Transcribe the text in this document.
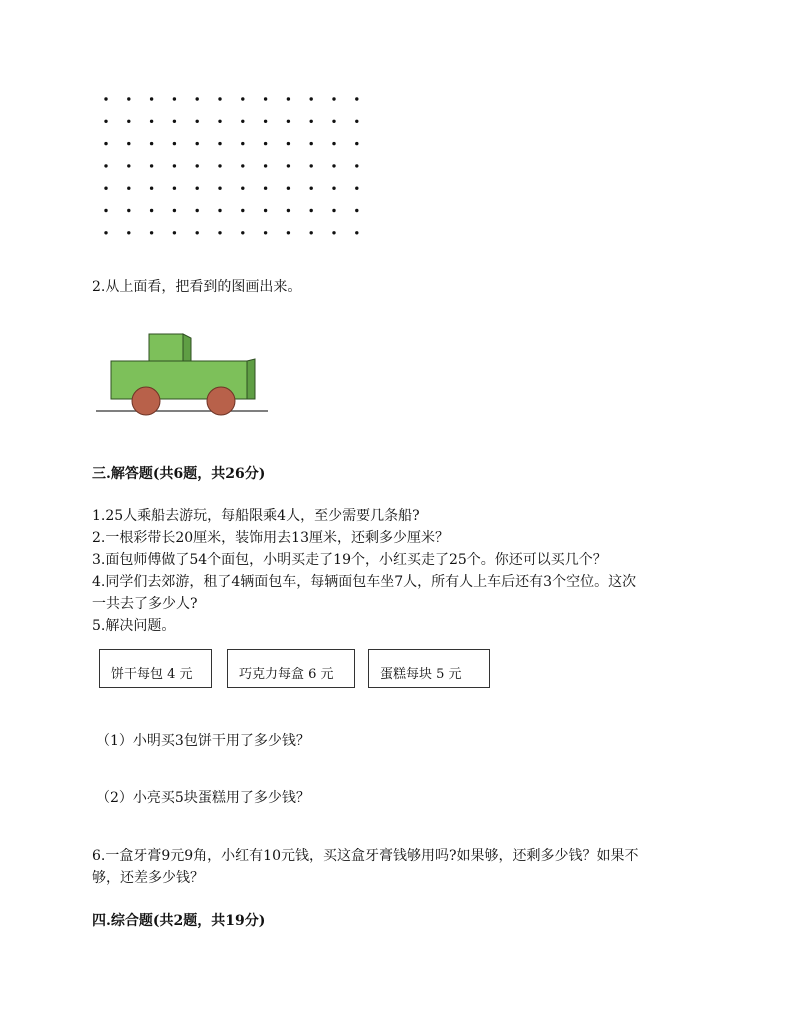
2.从上面看，把看到的图画出来。
三.解答题(共6题，共26分)
1.25人乘船去游玩，每船限乘4人，至少需要几条船?
2.一根彩带长20厘米，装饰用去13厘米，还剩多少厘米？
3.面包师傅做了54个面包，小明买走了19个，小红买走了25个。你还可以买几个？
4.同学们去郊游，租了4辆面包车，每辆面包车坐7人，所有人上车后还有3个空位。这次
一共去了多少人?
5.解决问题。
饼干每包 4 元	巧克力每盒 6 元	蛋糕每块 5 元
（1）小明买3包饼干用了多少钱？
（2）小亮买5块蛋糕用了多少钱？
6.一盒牙膏9元9角，小红有10元钱，买这盒牙膏钱够用吗?如果够，还剩多少钱？如果不
够，还差多少钱？
四.综合题(共2题，共19分)
